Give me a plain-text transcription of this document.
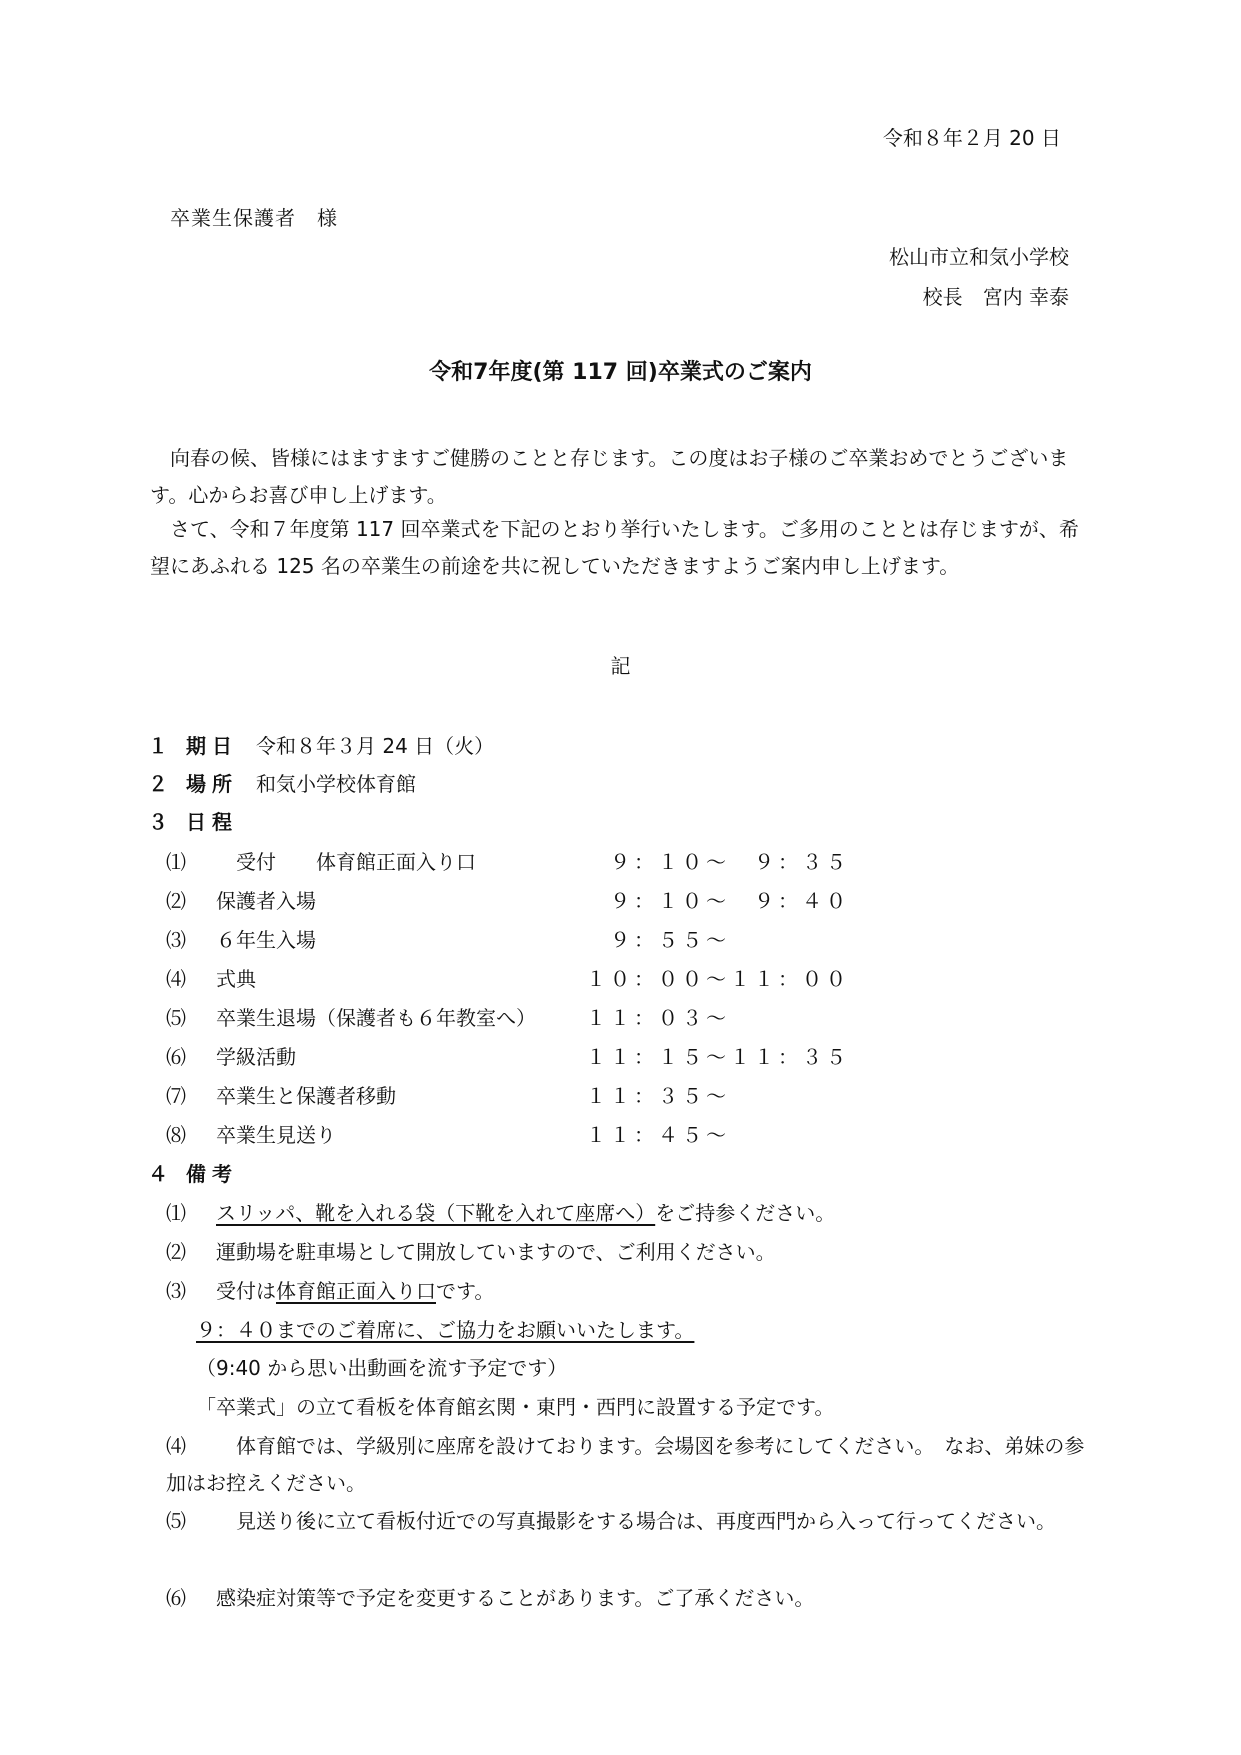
令和８年２月 20 日
卒業生保護者　様
松山市立和気小学校
校長　宮内 幸泰
令和7年度(第 117 回)卒業式のご案内
向春の候、皆様にはますますご健勝のことと存じます。この度はお子様のご卒業おめでとうございます。心からお喜び申し上げます。
さて、令和７年度第 117 回卒業式を下記のとおり挙行いたします。ご多用のこととは存じますが、希望にあふれる 125 名の卒業生の前途を共に祝していただきますようご案内申し上げます。
記
１ 期日 令和８年３月 24 日（火）
２ 場所 和気小学校体育館
３ 日程
⑴ 　受付　　体育館正面入り口	　９：１０～　９：３５
⑵ 保護者入場	　９：１０～　９：４０
⑶ ６年生入場	　９：５５～
⑷ 式典	１０：００～１１：００
⑸ 卒業生退場（保護者も６年教室へ）	１１：０３～
⑹ 学級活動	１１：１５～１１：３５
⑺ 卒業生と保護者移動	１１：３５～
⑻ 卒業生見送り	１１：４５～
４ 備考
⑴ スリッパ、靴を入れる袋（下靴を入れて座席へ）をご持参ください。
⑵ 運動場を駐車場として開放していますので、ご利用ください。
⑶ 受付は体育館正面入り口です。
９：４０までのご着席に、ご協力をお願いいたします。
（9:40 から思い出動画を流す予定です）
「卒業式」の立て看板を体育館玄関・東門・西門に設置する予定です。
⑷　体育館では、学級別に座席を設けております。会場図を参考にしてください。　なお、弟妹の参加はお控えください。
⑸　見送り後に立て看板付近での写真撮影をする場合は、再度西門から入って行ってください。
⑹ 感染症対策等で予定を変更することがあります。ご了承ください。
